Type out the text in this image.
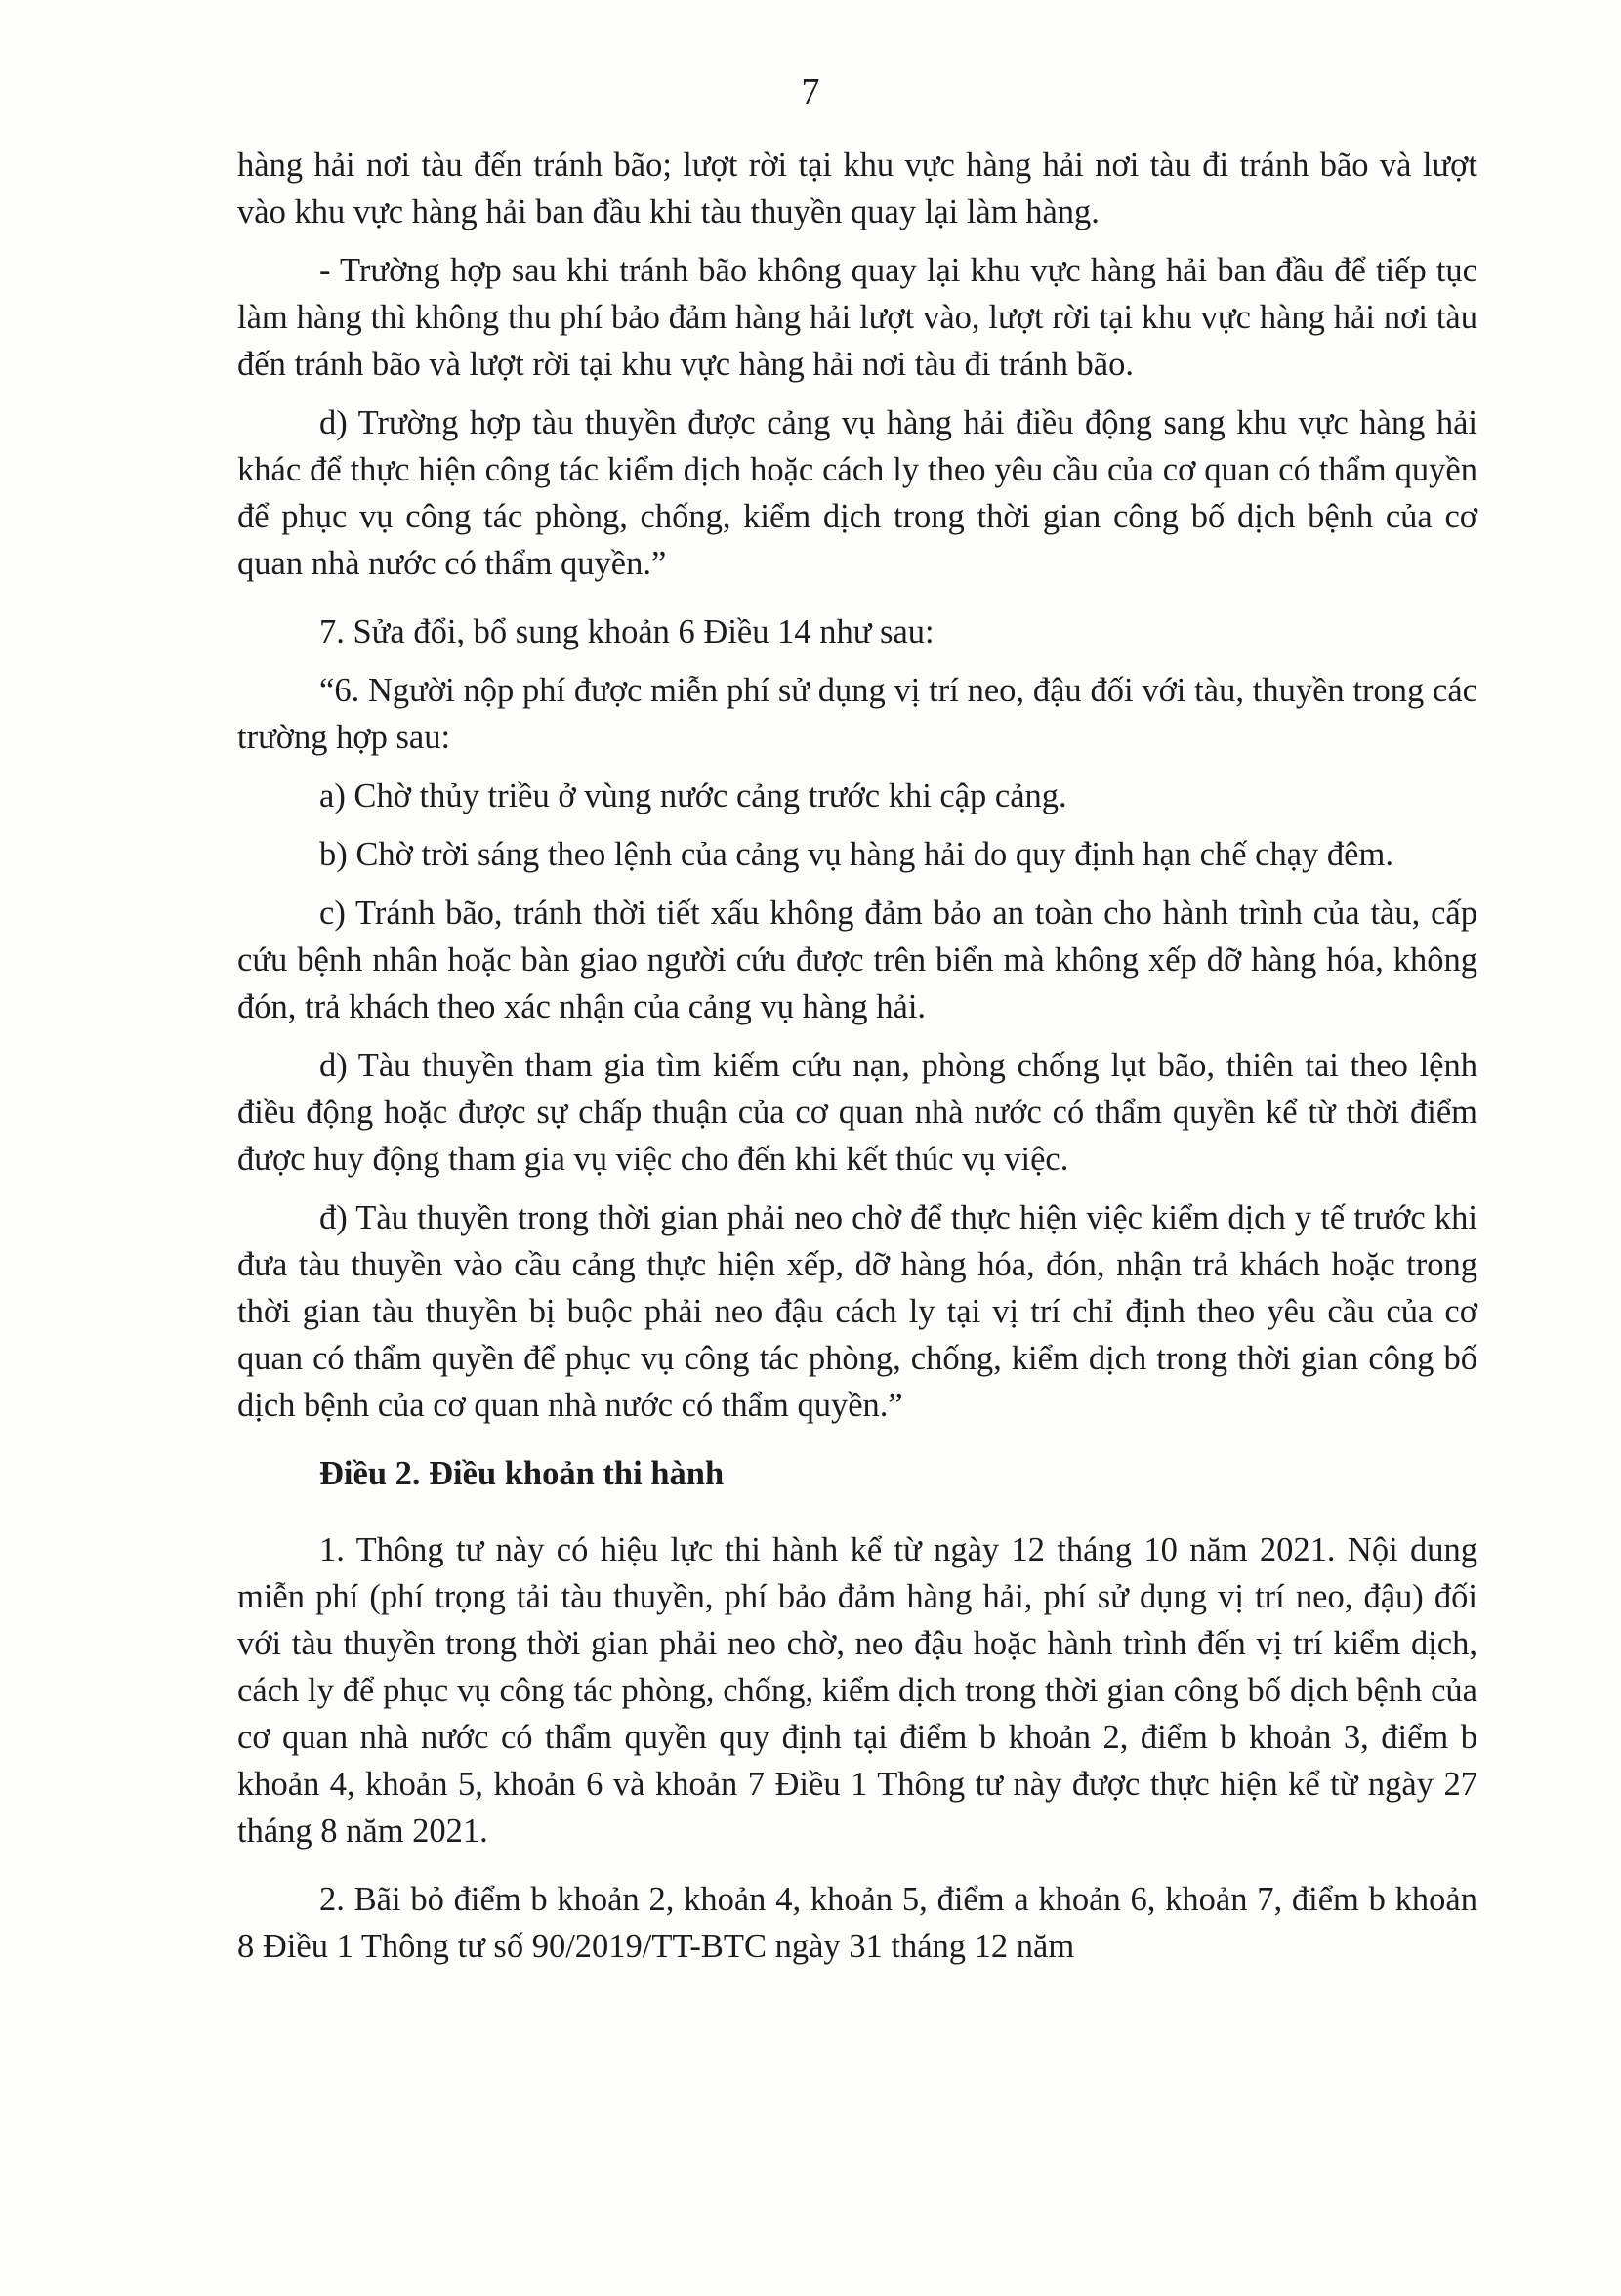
7

hàng hải nơi tàu đến tránh bão; lượt rời tại khu vực hàng hải nơi tàu đi tránh bão và lượt vào khu vực hàng hải ban đầu khi tàu thuyền quay lại làm hàng.

- Trường hợp sau khi tránh bão không quay lại khu vực hàng hải ban đầu để tiếp tục làm hàng thì không thu phí bảo đảm hàng hải lượt vào, lượt rời tại khu vực hàng hải nơi tàu đến tránh bão và lượt rời tại khu vực hàng hải nơi tàu đi tránh bão.

d) Trường hợp tàu thuyền được cảng vụ hàng hải điều động sang khu vực hàng hải khác để thực hiện công tác kiểm dịch hoặc cách ly theo yêu cầu của cơ quan có thẩm quyền để phục vụ công tác phòng, chống, kiểm dịch trong thời gian công bố dịch bệnh của cơ quan nhà nước có thẩm quyền.”

7. Sửa đổi, bổ sung khoản 6 Điều 14 như sau:

“6. Người nộp phí được miễn phí sử dụng vị trí neo, đậu đối với tàu, thuyền trong các trường hợp sau:

a) Chờ thủy triều ở vùng nước cảng trước khi cập cảng.

b) Chờ trời sáng theo lệnh của cảng vụ hàng hải do quy định hạn chế chạy đêm.

c) Tránh bão, tránh thời tiết xấu không đảm bảo an toàn cho hành trình của tàu, cấp cứu bệnh nhân hoặc bàn giao người cứu được trên biển mà không xếp dỡ hàng hóa, không đón, trả khách theo xác nhận của cảng vụ hàng hải.

d) Tàu thuyền tham gia tìm kiếm cứu nạn, phòng chống lụt bão, thiên tai theo lệnh điều động hoặc được sự chấp thuận của cơ quan nhà nước có thẩm quyền kể từ thời điểm được huy động tham gia vụ việc cho đến khi kết thúc vụ việc.

đ) Tàu thuyền trong thời gian phải neo chờ để thực hiện việc kiểm dịch y tế trước khi đưa tàu thuyền vào cầu cảng thực hiện xếp, dỡ hàng hóa, đón, nhận trả khách hoặc trong thời gian tàu thuyền bị buộc phải neo đậu cách ly tại vị trí chỉ định theo yêu cầu của cơ quan có thẩm quyền để phục vụ công tác phòng, chống, kiểm dịch trong thời gian công bố dịch bệnh của cơ quan nhà nước có thẩm quyền.”

Điều 2. Điều khoản thi hành

1. Thông tư này có hiệu lực thi hành kể từ ngày 12 tháng 10 năm 2021. Nội dung miễn phí (phí trọng tải tàu thuyền, phí bảo đảm hàng hải, phí sử dụng vị trí neo, đậu) đối với tàu thuyền trong thời gian phải neo chờ, neo đậu hoặc hành trình đến vị trí kiểm dịch, cách ly để phục vụ công tác phòng, chống, kiểm dịch trong thời gian công bố dịch bệnh của cơ quan nhà nước có thẩm quyền quy định tại điểm b khoản 2, điểm b khoản 3, điểm b khoản 4, khoản 5, khoản 6 và khoản 7 Điều 1 Thông tư này được thực hiện kể từ ngày 27 tháng 8 năm 2021.

2. Bãi bỏ điểm b khoản 2, khoản 4, khoản 5, điểm a khoản 6, khoản 7, điểm b khoản 8 Điều 1 Thông tư số 90/2019/TT-BTC ngày 31 tháng 12 năm
